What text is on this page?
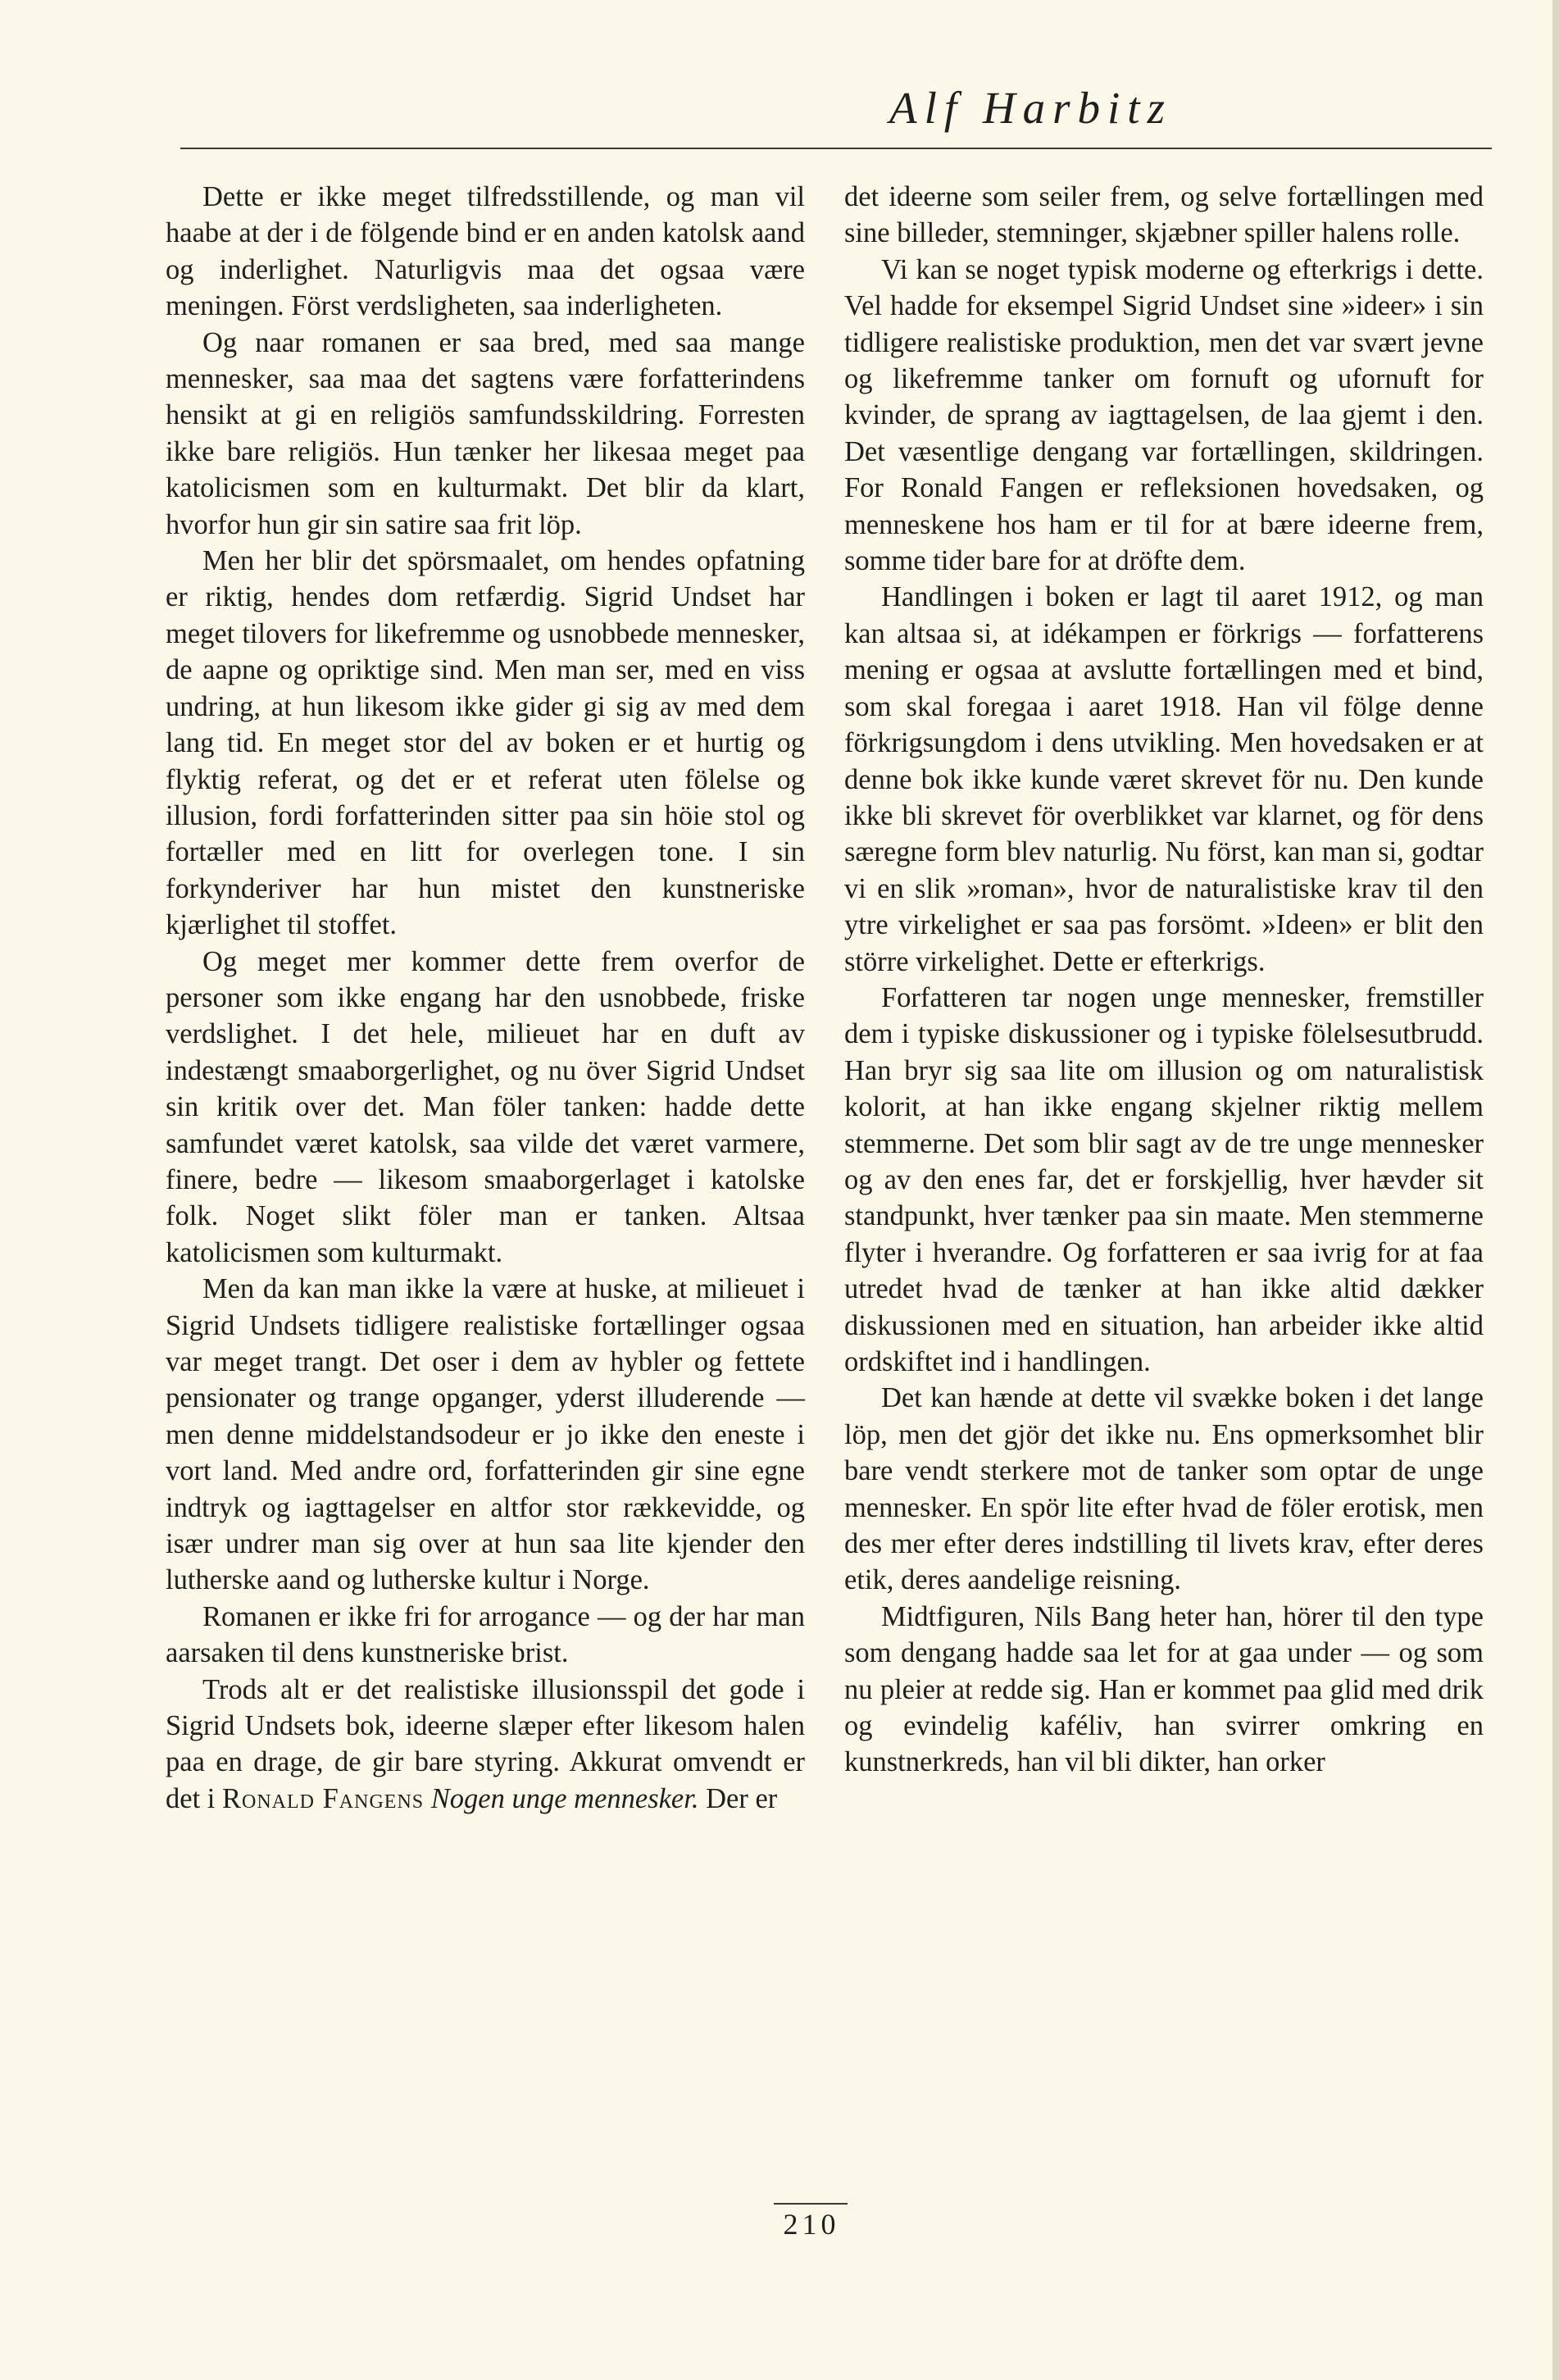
Alf Harbitz

Dette er ikke meget tilfredsstillende, og man vil haabe at der i de fölgende bind er en anden katolsk aand og inderlighet. Naturligvis maa det ogsaa være meningen. Först verdsligheten, saa inderligheten.

Og naar romanen er saa bred, med saa mange mennesker, saa maa det sagtens være forfatterindens hensikt at gi en religiös samfundsskildring. Forresten ikke bare religiös. Hun tænker her likesaa meget paa katolicismen som en kulturmakt. Det blir da klart, hvorfor hun gir sin satire saa frit löp.

Men her blir det spörsmaalet, om hendes opfatning er riktig, hendes dom retfærdig. Sigrid Undset har meget tilovers for likefremme og usnobbede mennesker, de aapne og opriktige sind. Men man ser, med en viss undring, at hun likesom ikke gider gi sig av med dem lang tid. En meget stor del av boken er et hurtig og flyktig referat, og det er et referat uten fölelse og illusion, fordi forfatterinden sitter paa sin höie stol og fortæller med en litt for overlegen tone. I sin forkynderiver har hun mistet den kunstneriske kjærlighet til stoffet.

Og meget mer kommer dette frem overfor de personer som ikke engang har den usnobbede, friske verdslighet. I det hele, milieuet har en duft av indestængt smaaborgerlighet, og nu över Sigrid Undset sin kritik over det. Man föler tanken: hadde dette samfundet været katolsk, saa vilde det været varmere, finere, bedre — likesom smaaborgerlaget i katolske folk. Noget slikt föler man er tanken. Altsaa katolicismen som kulturmakt.

Men da kan man ikke la være at huske, at milieuet i Sigrid Undsets tidligere realistiske fortællinger ogsaa var meget trangt. Det oser i dem av hybler og fettete pensionater og trange opganger, yderst illuderende — men denne middelstandsodeur er jo ikke den eneste i vort land. Med andre ord, forfatterinden gir sine egne indtryk og iagttagelser en altfor stor rækkevidde, og især undrer man sig over at hun saa lite kjender den lutherske aand og lutherske kultur i Norge.

Romanen er ikke fri for arrogance — og der har man aarsaken til dens kunstneriske brist.

Trods alt er det realistiske illusionsspil det gode i Sigrid Undsets bok, ideerne slæper efter likesom halen paa en drage, de gir bare styring. Akkurat omvendt er det i Ronald Fangens Nogen unge mennesker. Der er

det ideerne som seiler frem, og selve fortællingen med sine billeder, stemninger, skjæbner spiller halens rolle.

Vi kan se noget typisk moderne og efterkrigs i dette. Vel hadde for eksempel Sigrid Undset sine »ideer» i sin tidligere realistiske produktion, men det var svært jevne og likefremme tanker om fornuft og ufornuft for kvinder, de sprang av iagttagelsen, de laa gjemt i den. Det væsentlige dengang var fortællingen, skildringen. For Ronald Fangen er refleksionen hovedsaken, og menneskene hos ham er til for at bære ideerne frem, somme tider bare for at dröfte dem.

Handlingen i boken er lagt til aaret 1912, og man kan altsaa si, at idékampen er förkrigs — forfatterens mening er ogsaa at avslutte fortællingen med et bind, som skal foregaa i aaret 1918. Han vil fölge denne förkrigsungdom i dens utvikling. Men hovedsaken er at denne bok ikke kunde været skrevet för nu. Den kunde ikke bli skrevet för overblikket var klarnet, og för dens særegne form blev naturlig. Nu först, kan man si, godtar vi en slik »roman», hvor de naturalistiske krav til den ytre virkelighet er saa pas forsömt. »Ideen» er blit den större virkelighet. Dette er efterkrigs.

Forfatteren tar nogen unge mennesker, fremstiller dem i typiske diskussioner og i typiske fölelsesutbrudd. Han bryr sig saa lite om illusion og om naturalistisk kolorit, at han ikke engang skjelner riktig mellem stemmerne. Det som blir sagt av de tre unge mennesker og av den enes far, det er forskjellig, hver hævder sit standpunkt, hver tænker paa sin maate. Men stemmerne flyter i hverandre. Og forfatteren er saa ivrig for at faa utredet hvad de tænker at han ikke altid dækker diskussionen med en situation, han arbeider ikke altid ordskiftet ind i handlingen.

Det kan hænde at dette vil svække boken i det lange löp, men det gjör det ikke nu. Ens opmerksomhet blir bare vendt sterkere mot de tanker som optar de unge mennesker. En spör lite efter hvad de föler erotisk, men des mer efter deres indstilling til livets krav, efter deres etik, deres aandelige reisning.

Midtfiguren, Nils Bang heter han, hörer til den type som dengang hadde saa let for at gaa under — og som nu pleier at redde sig. Han er kommet paa glid med drik og evindelig kaféliv, han svirrer omkring en kunstnerkreds, han vil bli dikter, han orker

210
